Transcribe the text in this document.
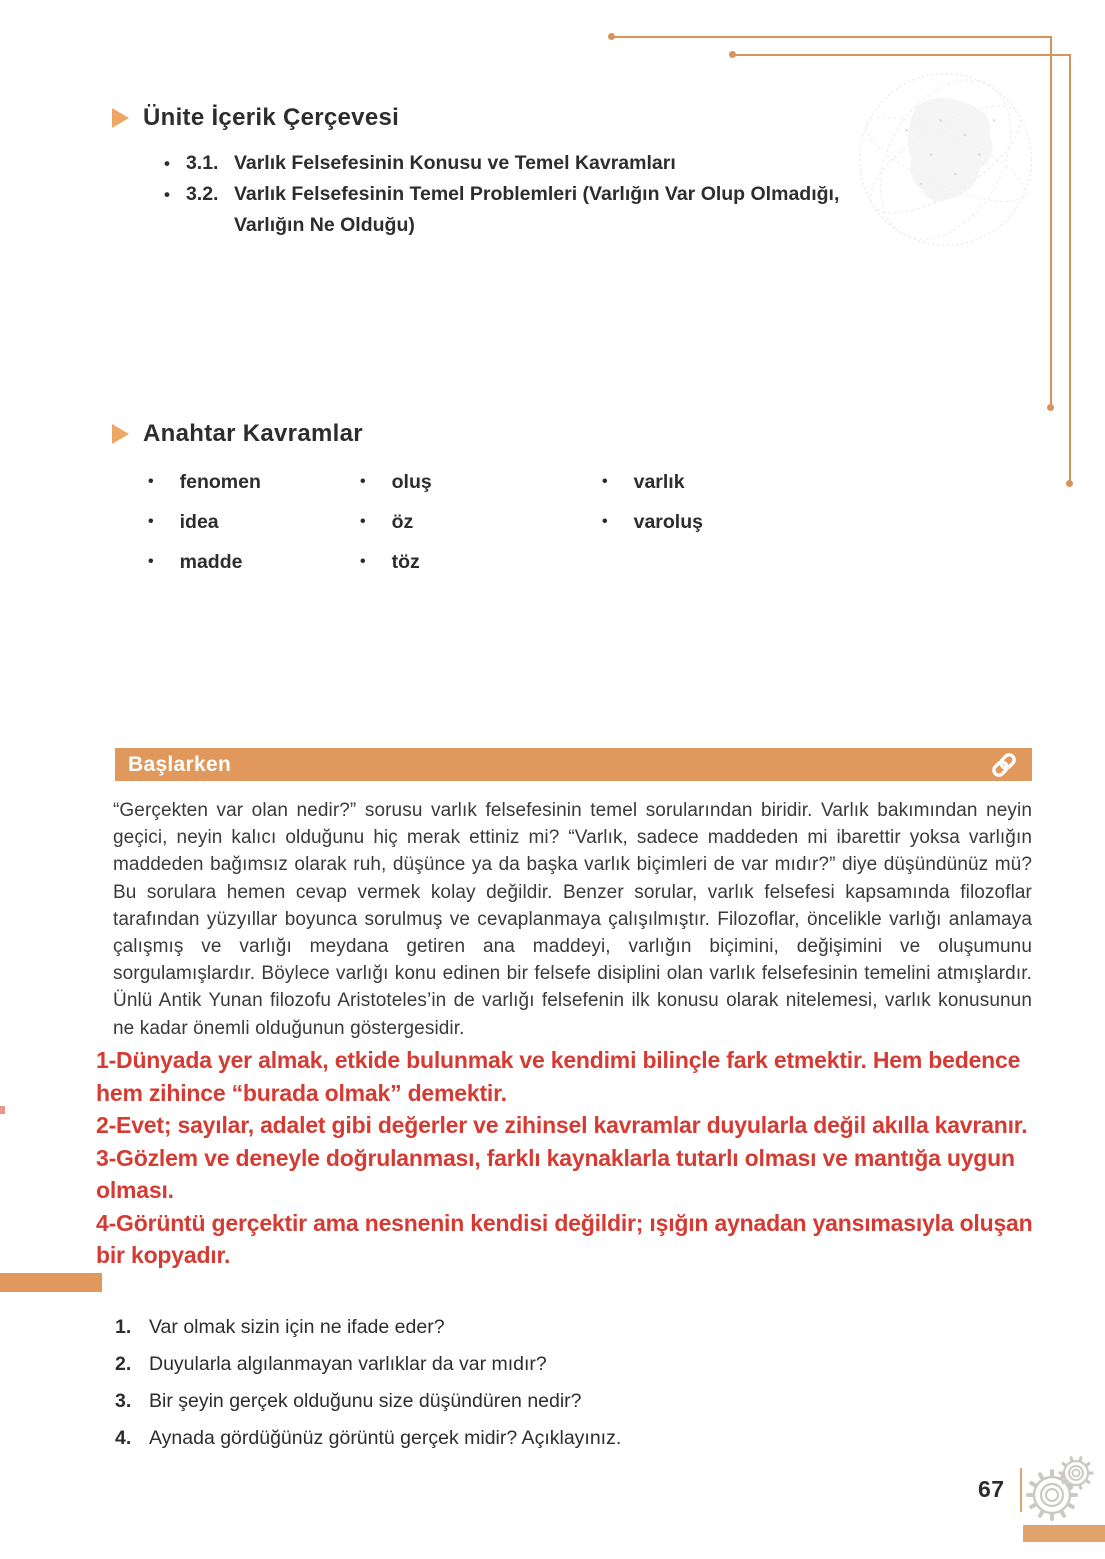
Ünite İçerik Çerçevesi
• 3.1. Varlık Felsefesinin Konusu ve Temel Kavramları
• 3.2. Varlık Felsefesinin Temel Problemleri (Varlığın Var Olup Olmadığı, Varlığın Ne Olduğu)
Anahtar Kavramlar
• fenomen
• idea
• madde
• oluş
• öz
• töz
• varlık
• varoluş
Başlarken
“Gerçekten var olan nedir?” sorusu varlık felsefesinin temel sorularından biridir. Varlık bakımından neyin geçici, neyin kalıcı olduğunu hiç merak ettiniz mi? “Varlık, sadece maddeden mi ibarettir yoksa varlığın maddeden bağımsız olarak ruh, düşünce ya da başka varlık biçimleri de var mıdır?” diye düşündünüz mü? Bu sorulara hemen cevap vermek kolay değildir. Benzer sorular, varlık felsefesi kapsamında filozoflar tarafından yüzyıllar boyunca sorulmuş ve cevaplanmaya çalışılmıştır. Filozoflar, öncelikle varlığı anlamaya çalışmış ve varlığı meydana getiren ana maddeyi, varlığın biçimini, değişimini ve oluşumunu sorgulamışlardır. Böylece varlığı konu edinen bir felsefe disiplini olan varlık felsefesinin temelini atmışlardır. Ünlü Antik Yunan filozofu Aristoteles’in de varlığı felsefenin ilk konusu olarak nitelemesi, varlık konusunun ne kadar önemli olduğunun göstergesidir.
1-Dünyada yer almak, etkide bulunmak ve kendimi bilinçle fark etmektir. Hem bedence hem zihince “burada olmak” demektir.
2-Evet; sayılar, adalet gibi değerler ve zihinsel kavramlar duyularla değil akılla kavranır.
3-Gözlem ve deneyle doğrulanması, farklı kaynaklarla tutarlı olması ve mantığa uygun olması.
4-Görüntü gerçektir ama nesnenin kendisi değildir; ışığın aynadan yansımasıyla oluşan bir kopyadır.
1. Var olmak sizin için ne ifade eder?
2. Duyularla algılanmayan varlıklar da var mıdır?
3. Bir şeyin gerçek olduğunu size düşündüren nedir?
4. Aynada gördüğünüz görüntü gerçek midir? Açıklayınız.
67
